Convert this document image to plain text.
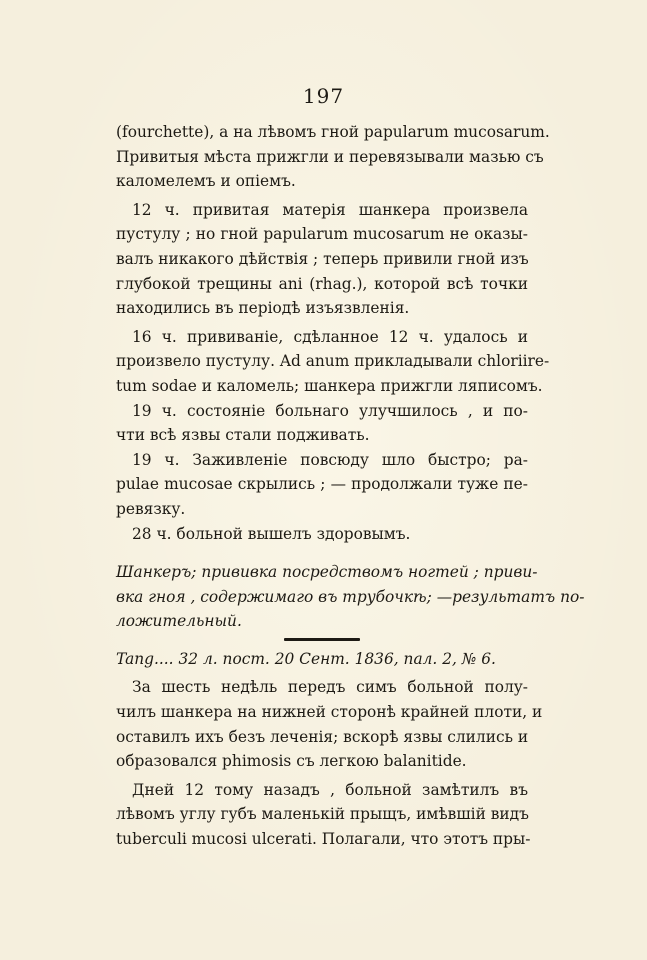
197
(fourchette), а на лѣвомъ гной papularum mucosarum.
Привитыя мѣста прижгли и перевязывали мазью съ
каломелемъ и опіемъ.
12 ч. привитая матерія шанкера произвела
пустулу ; но гной papularum mucosarum не оказы-
валъ никакого дѣйствія ; теперь привили гной изъ
глубокой трещины ani (rhag.), которой всѣ точки
находились въ періодѣ изъязвленія.
16 ч. прививаніе, сдѣланное 12 ч. удалось и
произвело пустулу. Ad anum прикладывали chloriire-
tum sodae и каломель; шанкера прижгли ляписомъ.
19 ч. состояніе больнаго улучшилось , и по-
чти всѣ язвы стали подживать.
19 ч. Заживленіе повсюду шло быстро; pa-
pulae mucosae скрылись ; — продолжали туже пе-
ревязку.
28 ч. больной вышелъ здоровымъ.
Шанкеръ; прививка посредствомъ ногтей ; приви-
вка гноя , содержимаго въ трубочкѣ; —результатъ по-
ложительный.
Tang.... 32 л. пост. 20 Сент. 1836, пал. 2, № 6.
За шесть недѣль передъ симъ больной полу-
чилъ шанкера на нижней сторонѣ крайней плоти, и
оставилъ ихъ безъ леченія; вскорѣ язвы слились и
образовался phimosis съ легкою balanitide.
Дней 12 тому назадъ , больной замѣтилъ въ
лѣвомъ углу губъ маленькій прыщъ, имѣвшій видъ
tuberculi mucosi ulcerati. Полагали, что этотъ пры-
